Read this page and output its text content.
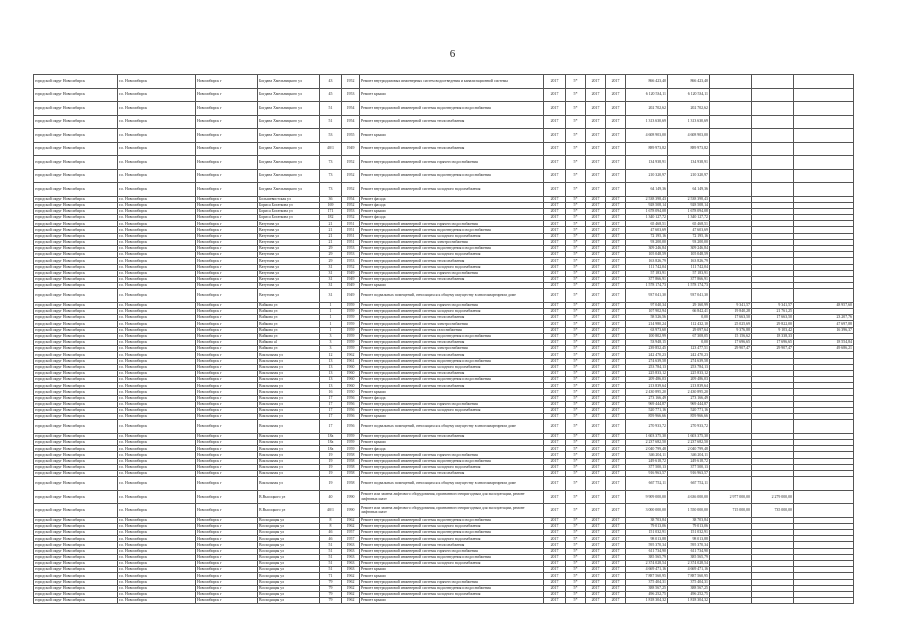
6
городской округ Новосибирск	г.о. Новосибирск	Новосибирск г	Богдана Хмельницкого ул	43	1952	Ремонт внутридомовых инженерных систем водоотведения и канализационной системы	2017	5*	2017	2017	866 423,40	866 423,40			
городской округ Новосибирск	г.о. Новосибирск	Новосибирск г	Богдана Хмельницкого ул	45	1953	Ремонт крыши	2017	5*	2017	2017	6 120 534,11	6 120 534,11			
городской округ Новосибирск	г.о. Новосибирск	Новосибирск г	Богдана Хмельницкого ул	51	1954	Ремонт внутридомовой инженерной системы водоотведения и водоснабжения	2017	5*	2017	2017	202 702,62	202 702,62			
городской округ Новосибирск	г.о. Новосибирск	Новосибирск г	Богдана Хмельницкого ул	51	1954	Ремонт внутридомовой инженерной системы теплоснабжения	2017	5*	2017	2017	1 313 630,69	1 313 630,69			
городской округ Новосибирск	г.о. Новосибирск	Новосибирск г	Богдана Хмельницкого ул	53	1955	Ремонт крыши	2017	5*	2017	2017	4 608 903,00	4 608 903,00			
городской округ Новосибирск	г.о. Новосибирск	Новосибирск г	Богдана Хмельницкого ул	40/1	1949	Ремонт внутридомовой инженерной системы теплоснабжения	2017	5*	2017	2017	889 973,82	889 973,82			
городской округ Новосибирск	г.о. Новосибирск	Новосибирск г	Богдана Хмельницкого ул	73	1952	Ремонт внутридомовой инженерной системы горячего водоснабжения	2017	5*	2017	2017	134 938,91	134 938,91			
городской округ Новосибирск	г.о. Новосибирск	Новосибирск г	Богдана Хмельницкого ул	73	1952	Ремонт внутридомовой инженерной системы водоотведения и водоснабжения	2017	5*	2017	2017	210 320,97	210 320,97			
городской округ Новосибирск	г.о. Новосибирск	Новосибирск г	Богдана Хмельницкого ул	73	1952	Ремонт внутридомовой инженерной системы холодного водоснабжения	2017	5*	2017	2017	64 149,36	64 149,36			
городской округ Новосибирск	г.о. Новосибирск	Новосибирск г	Большевистская ул	36	1954	Ремонт фасада	2017	5*	2017	2017	2 538 398,43	2 538 398,43			
городской округ Новосибирск	г.о. Новосибирск	Новосибирск г	Бориса Богаткова ул	169	1952	Ремонт фасада	2017	5*	2017	2017	928 508,14	928 508,14			
городской округ Новосибирск	г.о. Новосибирск	Новосибирск г	Бориса Богаткова ул	171	1953	Ремонт крыши	2017	5*	2017	2017	1 678 094,08	1 678 094,08			
городской округ Новосибирск	г.о. Новосибирск	Новосибирск г	Бориса Богаткова ул	182	1952	Ремонт фасада	2017	5*	2017	2017	1 340 127,72	1 340 127,72			
городской округ Новосибирск	г.о. Новосибирск	Новосибирск г	Ватутина ул	21	1951	Ремонт внутридомовой инженерной системы горячего водоснабжения	2017	5*	2017	2017	65 468,51	65 468,51			
городской округ Новосибирск	г.о. Новосибирск	Новосибирск г	Ватутина ул	21	1951	Ремонт внутридомовой инженерной системы водоотведения и водоснабжения	2017	5*	2017	2017	47 603,69	47 603,69			
городской округ Новосибирск	г.о. Новосибирск	Новосибирск г	Ватутина ул	21	1951	Ремонт внутридомовой инженерной системы холодного водоснабжения	2017	5*	2017	2017	72 195,16	72 195,16			
городской округ Новосибирск	г.о. Новосибирск	Новосибирск г	Ватутина ул	21	1951	Ремонт внутридомовой инженерной системы электроснабжения	2017	5*	2017	2017	93 200,00	93 200,00			
городской округ Новосибирск	г.о. Новосибирск	Новосибирск г	Ватутина ул	29	1953	Ремонт внутридомовой инженерной системы водоотведения и водоснабжения	2017	5*	2017	2017	309 246,84	309 246,84			
городской округ Новосибирск	г.о. Новосибирск	Новосибирск г	Ватутина ул	29	1953	Ремонт внутридомовой инженерной системы холодного водоснабжения	2017	5*	2017	2017	105 048,59	105 048,59			
городской округ Новосибирск	г.о. Новосибирск	Новосибирск г	Ватутина ул	29	1953	Ремонт внутридомовой инженерной системы теплоснабжения	2017	5*	2017	2017	163 826,79	163 826,79			
городской округ Новосибирск	г.о. Новосибирск	Новосибирск г	Ватутина ул	31	1952	Ремонт внутридомовой инженерной системы холодного водоснабжения	2017	5*	2017	2017	111 742,04	111 742,04			
городской округ Новосибирск	г.о. Новосибирск	Новосибирск г	Ватутина ул	31	1949	Ремонт внутридомовой инженерной системы горячего водоснабжения	2017	5*	2017	2017	57 183,91	57 183,91			
городской округ Новосибирск	г.о. Новосибирск	Новосибирск г	Ватутина ул	31	1949	Ремонт внутридомовой инженерной системы теплоснабжения	2017	5*	2017	2017	377 866,91	377 866,91			
городской округ Новосибирск	г.о. Новосибирск	Новосибирск г	Ватутина ул	31	1949	Ремонт крыши	2017	5*	2017	2017	1 578 174,73	1 578 174,73			
городской округ Новосибирск	г.о. Новосибирск	Новосибирск г	Ватутина ул	31	1949	Ремонт подвальных помещений, относящихся к общему имуществу в многоквартирном доме	2017	5*	2017	2017	937 041,30	937 041,30			
городской округ Новосибирск	г.о. Новосибирск	Новосибирск г	Войкова ул	1	1959	Ремонт внутридомовой инженерной системы горячего водоснабжения	2017	5*	2017	2017	97 040,34	29 160,99	9 341,57	9 341,57	48 957,60
городской округ Новосибирск	г.о. Новосибирск	Новосибирск г	Войкова ул	1	1959	Ремонт внутридомовой инженерной системы холодного водоснабжения	2017	5*	2017	2017	107 902,94	66 842,41	19 840,28	21 761,25	
городской округ Новосибирск	г.о. Новосибирск	Новосибирск г	Войкова ул	1	1959	Ремонт внутридомовой инженерной системы теплоснабжения	2017	5*	2017	2017	58 526,56	0,00	17 663,50	17 663,50	23 207,76
городской округ Новосибирск	г.о. Новосибирск	Новосибирск г	Войкова ул	1	1959	Ремонт внутридомовой инженерной системы электроснабжения	2017	5*	2017	2017	214 980,24	112 432,10	25 025,69	29 822,00	47 697,88
городской округ Новосибирск	г.о. Новосибирск	Новосибирск г	Войкова ул	1	1959	Ремонт внутридомовой инженерной системы газоснабжения	2017	5*	2017	2017	63 973,60	29 097,64	9 376,88	9 103,42	16 396,37
городской округ Новосибирск	г.о. Новосибирск	Новосибирск г	Войкова ул	3	1959	Ремонт внутридомовой инженерной системы водоотведения и водоснабжения	2017	5*	2017	2017	100 802,99	67 308,05	15 156,62	18 338,33	
городской округ Новосибирск	г.о. Новосибирск	Новосибирск г	Войкова ul	3	1959	Ремонт внутридомовой инженерной системы теплоснабжения	2017	5*	2017	2017	53 948,15	0,00	17 696,65	17 696,65	18 554,84
городской округ Новосибирск	г.о. Новосибирск	Новосибирск г	Войкова ул	3	1959	Ремонт внутридомовой инженерной системы электроснабжения	2017	5*	2017	2017	239 852,45	123 477,51	29 907,47	29 907,47	49 686,21
городской округ Новосибирск	г.о. Новосибирск	Новосибирск г	Вокзальная ул	12	1962	Ремонт внутридомовой инженерной системы теплоснабжения	2017	5*	2017	2017	242 470,23	242 470,23			
городской округ Новосибирск	г.о. Новосибирск	Новосибирск г	Вокзальная ул	13	1961	Ремонт внутридомовой инженерной системы водоотведения и водоснабжения	2017	5*	2017	2017	274 639,58	274 639,58			
городской округ Новосибирск	г.о. Новосибирск	Новосибирск г	Вокзальная ул	13	1960	Ремонт внутридомовой инженерной системы холодного водоснабжения	2017	5*	2017	2017	253 784,13	253 784,13			
городской округ Новосибирск	г.о. Новосибирск	Новосибирск г	Вокзальная ул	13	1960	Ремонт внутридомовой инженерной системы теплоснабжения	2017	5*	2017	2017	225 833,12	225 833,12			
городской округ Новосибирск	г.о. Новосибирск	Новосибирск г	Вокзальная ул	13	1960	Ремонт внутридомовой инженерной системы водоотведения и водоснабжения	2017	5*	2017	2017	209 486,03	209 486,03			
городской округ Новосибирск	г.о. Новосибирск	Новосибирск г	Вокзальная ул	13	1960	Ремонт внутридомовой инженерной системы теплоснабжения	2017	5*	2017	2017	213 839,64	213 839,64			
городской округ Новосибирск	г.о. Новосибирск	Новосибирск г	Вокзальная ул	16	1950	Ремонт крыши	2017	5*	2017	2017	2 430 895,20	2 430 895,20			
городской округ Новосибирск	г.о. Новосибирск	Новосибирск г	Вокзальная ул	17	1956	Ремонт фасада	2017	5*	2017	2017	273 166,49	273 166,49			
городской округ Новосибирск	г.о. Новосибирск	Новосибирск г	Вокзальная ул	17	1956	Ремонт внутридомовой инженерной системы горячего водоснабжения	2017	5*	2017	2017	969 444,87	969 444,87			
городской округ Новосибирск	г.о. Новосибирск	Новосибирск г	Вокзальная ул	17	1956	Ремонт внутридомовой инженерной системы холодного водоснабжения	2017	5*	2017	2017	520 771,16	520 771,16			
городской округ Новосибирск	г.о. Новосибирск	Новосибирск г	Вокзальная ул	17	1956	Ремонт крыши	2017	5*	2017	2017	859 966,66	859 966,66			
городской округ Новосибирск	г.о. Новосибирск	Новосибирск г	Вокзальная ул	17	1956	Ремонт подвальных помещений, относящихся к общему имуществу в многоквартирном доме	2017	5*	2017	2017	270 933,72	270 933,72			
городской округ Новосибирск	г.о. Новосибирск	Новосибирск г	Вокзальная ул	18а	1959	Ремонт внутридомовой инженерной системы теплоснабжения	2017	5*	2017	2017	1 603 375,30	1 603 375,30			
городской округ Новосибирск	г.о. Новосибирск	Новосибирск г	Вокзальная ул	18а	1959	Ремонт крыши	2017	5*	2017	2017	2 237 682,50	2 237 682,50			
городской округ Новосибирск	г.о. Новосибирск	Новосибирск г	Вокзальная ул	18а	1959	Ремонт фасада	2017	5*	2017	2017	2 040 799,48	2 040 799,48			
городской округ Новосибирск	г.о. Новосибирск	Новосибирск г	Вокзальная ул	19	1958	Ремонт внутридомовой инженерной системы горячего водоснабжения	2017	5*	2017	2017	346 204,11	346 204,11			
городской округ Новосибирск	г.о. Новосибирск	Новосибирск г	Вокзальная ул	19	1958	Ремонт внутридомовой инженерной системы водоотведения и водоснабжения	2017	5*	2017	2017	249 618,72	249 618,72			
городской округ Новосибирск	г.о. Новосибирск	Новосибирск г	Вокзальная ул	19	1958	Ремонт внутридомовой инженерной системы холодного водоснабжения	2017	5*	2017	2017	377 500,13	377 500,13			
городской округ Новосибирск	г.о. Новосибирск	Новосибирск г	Вокзальная ул	19	1958	Ремонт внутридомовой инженерной системы теплоснабжения	2017	5*	2017	2017	916 963,57	916 963,57			
городской округ Новосибирск	г.о. Новосибирск	Новосибирск г	Вокзальная ул	19	1958	Ремонт подвальных помещений, относящихся к общему имуществу в многоквартирном доме	2017	5*	2017	2017	667 752,11	667 752,11			
городской округ Новосибирск	г.о. Новосибирск	Новосибирск г	В.Высоцкого ул	40	1990	Ремонт или замена лифтового оборудования, признанного непригодным для эксплуатации, ремонт лифтовых шахт	2017	5*	2017	2017	9 909 000,00	4 636 000,00	2 977 000,00	2 279 000,00	
городской округ Новосибирск	г.о. Новосибирск	Новосибирск г	В.Высоцкого ул	40/1	1990	Ремонт или замена лифтового оборудования, признанного непригодным для эксплуатации, ремонт лифтовых шахт	2017	5*	2017	2017	3 000 000,00	1 550 000,00	715 000,00	735 000,00	
городской округ Новосибирск	г.о. Новосибирск	Новосибирск г	Восходящая ул	8	1962	Ремонт внутридомовой инженерной системы водоотведения и водоснабжения	2017	5*	2017	2017	38 703,84	38 703,84			
городской округ Новосибирск	г.о. Новосибирск	Новосибирск г	Восходящая ул	8	1962	Ремонт внутридомовой инженерной системы холодного водоснабжения	2017	5*	2017	2017	79 013,06	79 013,06			
городской округ Новосибирск	г.о. Новосибирск	Новосибирск г	Восходящая ул	46	1957	Ремонт внутридомовой инженерной системы водоотведения и водоснабжения	2017	5*	2017	2017	151 032,91	151 032,91			
городской округ Новосибирск	г.о. Новосибирск	Новосибирск г	Восходящая ул	46	1957	Ремонт внутридомовой инженерной системы холодного водоснабжения	2017	5*	2017	2017	98 013,88	98 013,88			
городской округ Новосибирск	г.о. Новосибирск	Новосибирск г	Восходящая ул	51	1963	Ремонт внутридомовой инженерной системы теплоснабжения	2017	5*	2017	2017	595 370,34	595 370,34			
городской округ Новосибирск	г.о. Новосибирск	Новосибирск г	Восходящая ул	51	1963	Ремонт внутридомовой инженерной системы горячего водоснабжения	2017	5*	2017	2017	611 734,90	611 734,90			
городской округ Новосибирск	г.о. Новосибирск	Новосибирск г	Восходящая ул	51	1963	Ремонт внутридомовой инженерной системы водоотведения и водоснабжения	2017	5*	2017	2017	385 565,79	385 565,79			
городской округ Новосибирск	г.о. Новосибирск	Новосибирск г	Восходящая ул	51	1963	Ремонт внутридомовой инженерной системы холодного водоснабжения	2017	5*	2017	2017	2 374 028,54	2 374 028,54			
городской округ Новосибирск	г.о. Новосибирск	Новосибирск г	Восходящая ул	51	1963	Ремонт крыши	2017	5*	2017	2017	4 669 471,16	4 669 471,16			
городской округ Новосибирск	г.о. Новосибирск	Новосибирск г	Восходящая ул	71	1962	Ремонт крыши	2017	5*	2017	2017	7 887 560,95	7 887 560,95			
городской округ Новосибирск	г.о. Новосибирск	Новосибирск г	Восходящая ул	79	1962	Ремонт внутридомовой инженерной системы горячего водоснабжения	2017	5*	2017	2017	375 404,31	375 404,31			
городской округ Новосибирск	г.о. Новосибирск	Новосибирск г	Восходящая ул	79	1962	Ремонт внутридомовой инженерной системы водоотведения и водоснабжения	2017	5*	2017	2017	388 567,25	388 567,25			
городской округ Новосибирск	г.о. Новосибирск	Новосибирск г	Восходящая ул	79	1962	Ремонт внутридомовой инженерной системы холодного водоснабжения	2017	5*	2017	2017	496 252,75	496 252,75			
городской округ Новосибирск	г.о. Новосибирск	Новосибирск г	Восходящая ул	79	1962	Ремонт крыши	2017	5*	2017	2017	1 818 304,32	1 818 304,32			
